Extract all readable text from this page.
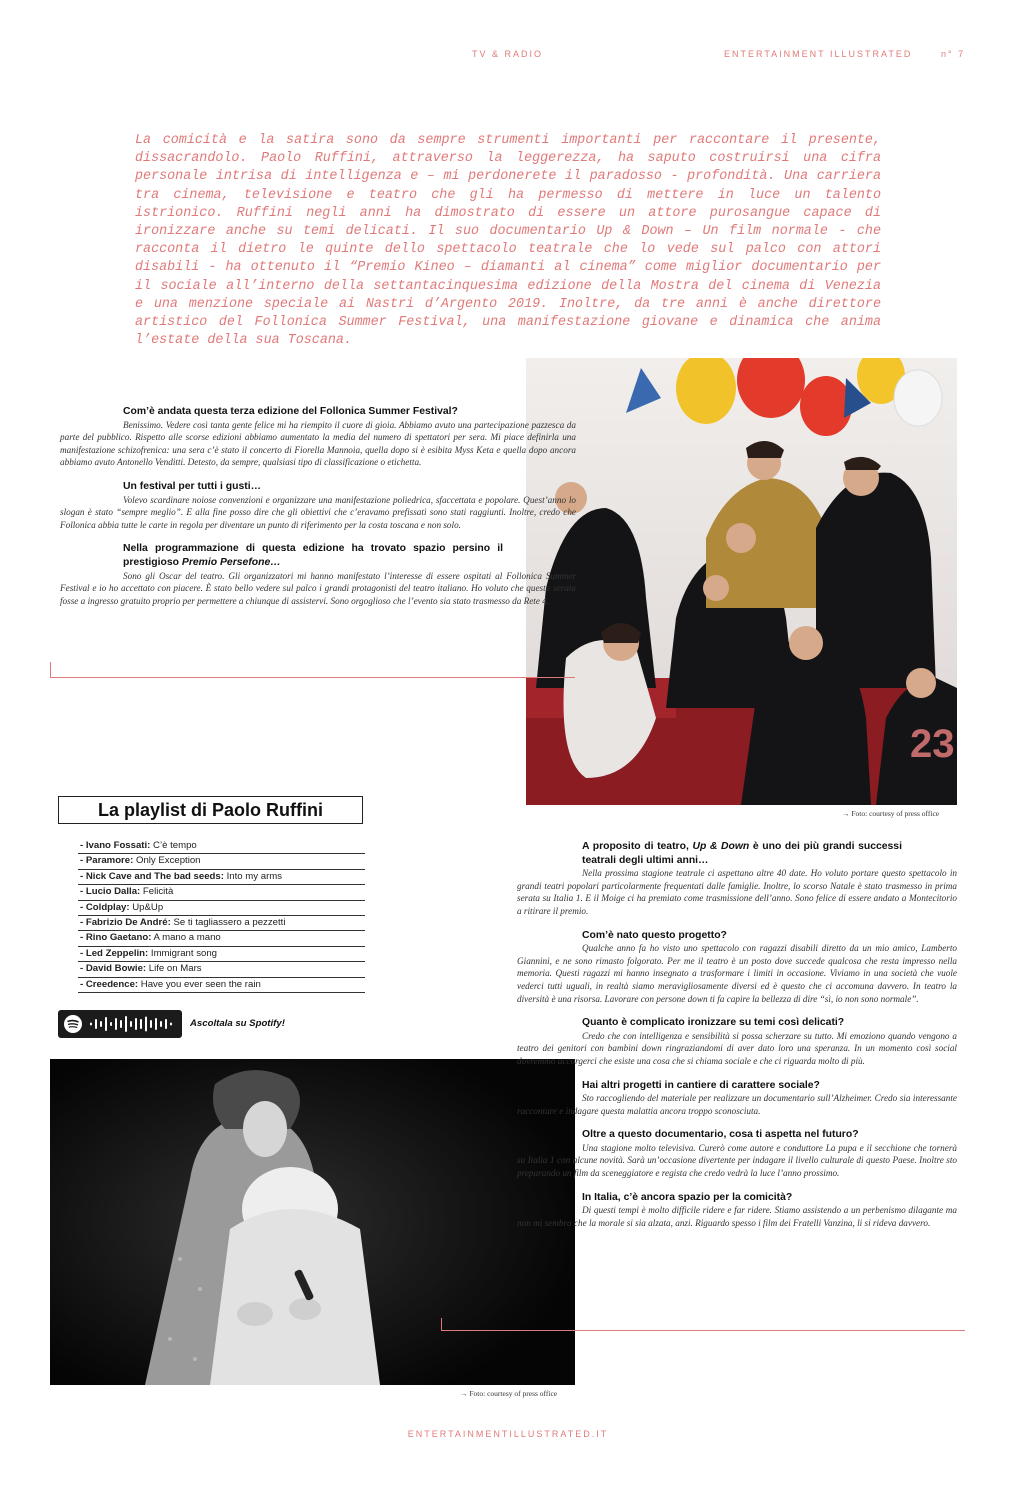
TV & RADIO	ENTERTAINMENT ILLUSTRATED	n° 7
La comicità e la satira sono da sempre strumenti importanti per raccontare il presente, dissacrandolo. Paolo Ruffini, attraverso la leggerezza, ha saputo costruirsi una cifra personale intrisa di intelligenza e – mi perdonerete il paradosso - profondità. Una carriera tra cinema, televisione e teatro che gli ha permesso di mettere in luce un talento istrionico. Ruffini negli anni ha dimostrato di essere un attore purosangue capace di ironizzare anche su temi delicati. Il suo documentario Up & Down – Un film normale - che racconta il dietro le quinte dello spettacolo teatrale che lo vede sul palco con attori disabili - ha ottenuto il “Premio Kineo – diamanti al cinema” come miglior documentario per il sociale all’interno della settantacinquesima edizione della Mostra del cinema di Venezia e una menzione speciale ai Nastri d’Argento 2019. Inoltre, da tre anni è anche direttore artistico del Follonica Summer Festival, una manifestazione giovane e dinamica che anima l’estate della sua Toscana.
23
→ Foto: courtesy of press office
Com’è andata questa terza edizione del Follonica Summer Festival?
Benissimo. Vedere così tanta gente felice mi ha riempito il cuore di gioia. Abbiamo avuto una partecipazione pazzesca da parte del pubblico. Rispetto alle scorse edizioni abbiamo aumentato la media del numero di spettatori per sera. Mi piace definirla una manifestazione schizofrenica: una sera c’è stato il concerto di Fiorella Mannoia, quella dopo si è esibita Myss Keta e quella dopo ancora abbiamo avuto Antonello Venditti. Detesto, da sempre, qualsiasi tipo di classificazione o etichetta.
Un festival per tutti i gusti…
Volevo scardinare noiose convenzioni e organizzare una manifestazione poliedrica, sfaccettata e popolare. Quest’anno lo slogan è stato “sempre meglio”. E alla fine posso dire che gli obiettivi che c’eravamo prefissati sono stati raggiunti. Inoltre, credo che Follonica abbia tutte le carte in regola per diventare un punto di riferimento per la costa toscana e non solo.
Nella programmazione di questa edizione ha trovato spazio persino il prestigioso Premio Persefone…
Sono gli Oscar del teatro. Gli organizzatori mi hanno manifestato l’interesse di essere ospitati al Follonica Summer Festival e io ho accettato con piacere. È stato bello vedere sul palco i grandi protagonisti del teatro italiano. Ho voluto che questa serata fosse a ingresso gratuito proprio per permettere a chiunque di assistervi. Sono orgoglioso che l’evento sia stato trasmesso da Rete 4.
La playlist di Paolo Ruffini
- Ivano Fossati: C’è tempo
- Paramore: Only Exception
- Nick Cave and The bad seeds: Into my arms
- Lucio Dalla: Felicità
- Coldplay: Up&Up
- Fabrizio De André: Se ti tagliassero a pezzetti
- Rino Gaetano: A mano a mano
- Led Zeppelin: Immigrant song
- David Bowie: Life on Mars
- Creedence: Have you ever seen the rain
Ascoltala su Spotify!
→ Foto: courtesy of press office
A proposito di teatro, Up & Down è uno dei più grandi successi teatrali degli ultimi anni…
Nella prossima stagione teatrale ci aspettano altre 40 date. Ho voluto portare questo spettacolo in grandi teatri popolari particolarmente frequentati dalle famiglie. Inoltre, lo scorso Natale è stato trasmesso in prima serata su Italia 1. E il Moige ci ha premiato come trasmissione dell’anno. Sono felice di essere andato a Montecitorio a ritirare il premio.
Com’è nato questo progetto?
Qualche anno fa ho visto uno spettacolo con ragazzi disabili diretto da un mio amico, Lamberto Giannini, e ne sono rimasto folgorato. Per me il teatro è un posto dove succede qualcosa che resta impresso nella memoria. Questi ragazzi mi hanno insegnato a trasformare i limiti in occasione. Viviamo in una società che vuole vederci tutti uguali, in realtà siamo meravigliosamente diversi ed è questo che ci accomuna davvero. In teatro la diversità è una risorsa. Lavorare con persone down ti fa capire la bellezza di dire “sì, io non sono normale”.
Quanto è complicato ironizzare su temi così delicati?
Credo che con intelligenza e sensibilità si possa scherzare su tutto. Mi emoziono quando vengono a teatro dei genitori con bambini down ringraziandomi di aver dato loro una speranza. In un momento così social dovremmo accorgerci che esiste una cosa che si chiama sociale e che ci riguarda molto di più.
Hai altri progetti in cantiere di carattere sociale?
Sto raccogliendo del materiale per realizzare un documentario sull’Alzheimer. Credo sia interessante raccontare e indagare questa malattia ancora troppo sconosciuta.
Oltre a questo documentario, cosa ti aspetta nel futuro?
Una stagione molto televisiva. Curerò come autore e conduttore La pupa e il secchione che tornerà su Italia 1 con alcune novità. Sarà un’occasione divertente per indagare il livello culturale di questo Paese. Inoltre sto preparando un film da sceneggiatore e regista che credo vedrà la luce l’anno prossimo.
In Italia, c’è ancora spazio per la comicità?
Di questi tempi è molto difficile ridere e far ridere. Stiamo assistendo a un perbenismo dilagante ma non mi sembra che la morale si sia alzata, anzi. Riguardo spesso i film dei Fratelli Vanzina, li si rideva davvero.
ENTERTAINMENTILLUSTRATED.IT
